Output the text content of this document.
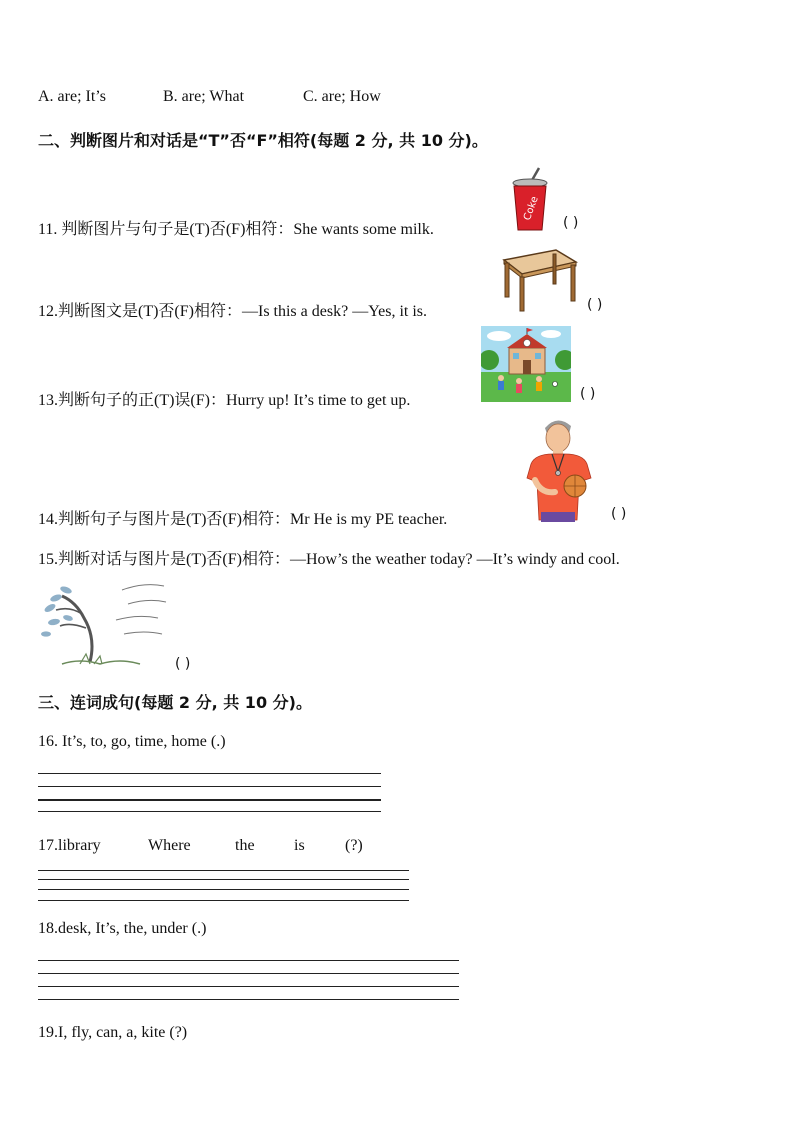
A. are; It’s	B. are; What	C. are; How
二、判断图片和对话是“T”否“F”相符(每题 2 分, 共 10 分)。
11. 判断图片与句子是(T)否(F)相符：She wants some milk.
Coke
( )
12.判断图文是(T)否(F)相符：—Is this a desk? —Yes, it is.	( )
13.判断句子的正(T)误(F)：Hurry up! It’s time to get up.	( )
14.判断句子与图片是(T)否(F)相符：Mr He is my PE teacher.	( )
15.判断对话与图片是(T)否(F)相符：—How’s the weather today? —It’s windy and cool.
( )
三、连词成句(每题 2 分, 共 10 分)。
16. It’s, to, go, time, home (.)
17.library	Where	the is	(?)
18.desk, It’s, the, under (.)
19.I, fly, can, a, kite (?)
